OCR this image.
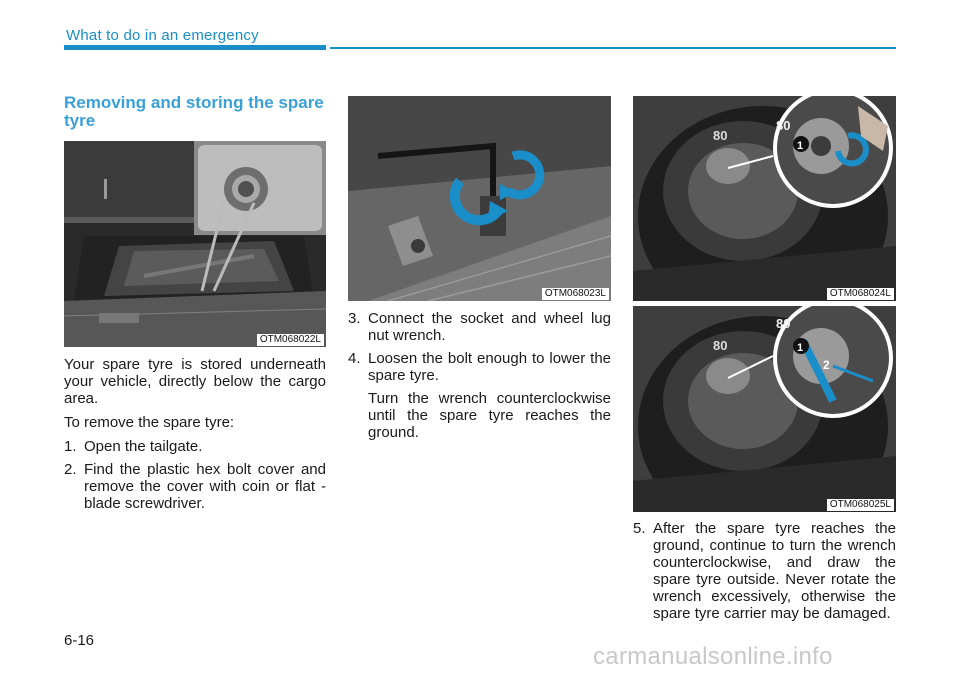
What to do in an emergency
Removing and storing the spare tyre
OTM068022L
OTM068023L
80
80
1
OTM068024L
80
80
1
2
OTM068025L

Your spare tyre is stored underneath your vehicle, directly below the cargo area.

To remove the spare tyre:

1. Open the tailgate.
2. Find the plastic hex bolt cover and remove the cover with coin or flat - blade screwdriver.
3. Connect the socket and wheel lug nut wrench.
4. Loosen the bolt enough to lower the spare tyre.

Turn the wrench counterclockwise until the spare tyre reaches the ground.

5. After the spare tyre reaches the ground, continue to turn the wrench counterclockwise, and draw the spare tyre outside. Never rotate the wrench excessively, otherwise the spare tyre carrier may be damaged.
6-16
carmanualsonline.info
